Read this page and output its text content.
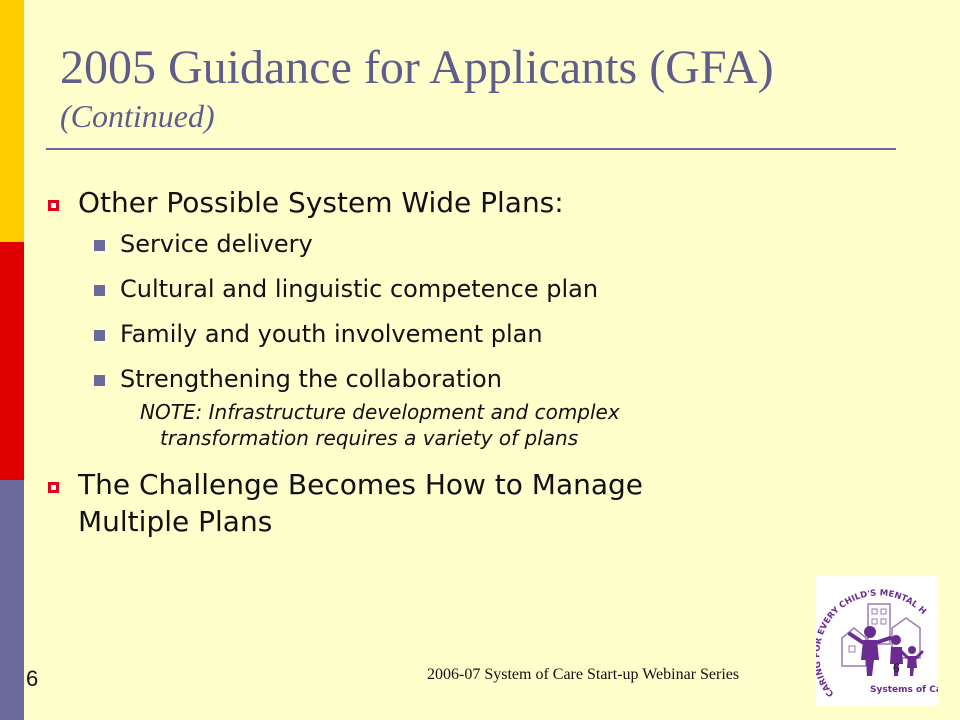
2005 Guidance for Applicants (GFA)
(Continued)
Other Possible System Wide Plans:
Service delivery
Cultural and linguistic competence plan
Family and youth involvement plan
Strengthening the collaboration
NOTE: Infrastructure development and complex
transformation requires a variety of plans
The Challenge Becomes How to Manage
Multiple Plans
6	2006-07 System of Care Start-up Webinar Series
CARI EVERY CHILD'S MENTAL H
Systems of C
6
